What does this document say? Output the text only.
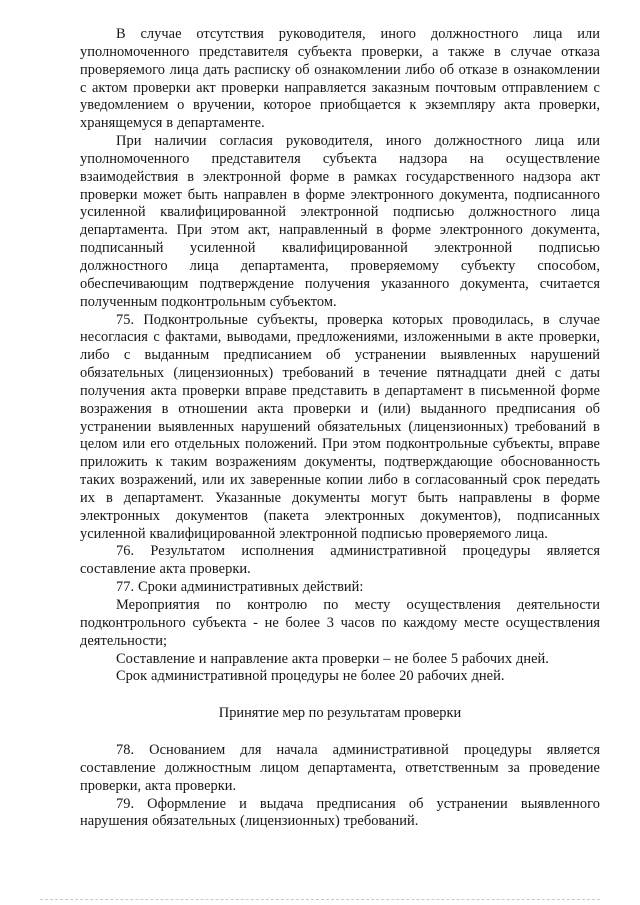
В случае отсутствия руководителя, иного должностного лица или уполномоченного представителя субъекта проверки, а также в случае отказа проверяемого лица дать расписку об ознакомлении либо об отказе в ознакомлении с актом проверки акт проверки направляется заказным почтовым отправлением с уведомлением о вручении, которое приобщается к экземпляру акта проверки, хранящемуся в департаменте.

При наличии согласия руководителя, иного должностного лица или уполномоченного представителя субъекта надзора на осуществление взаимодействия в электронной форме в рамках государственного надзора акт проверки может быть направлен в форме электронного документа, подписанного усиленной квалифицированной электронной подписью должностного лица департамента. При этом акт, направленный в форме электронного документа, подписанный усиленной квалифицированной электронной подписью должностного лица департамента, проверяемому субъекту способом, обеспечивающим подтверждение получения указанного документа, считается полученным подконтрольным субъектом.

75. Подконтрольные субъекты, проверка которых проводилась, в случае несогласия с фактами, выводами, предложениями, изложенными в акте проверки, либо с выданным предписанием об устранении выявленных нарушений обязательных (лицензионных) требований в течение пятнадцати дней с даты получения акта проверки вправе представить в департамент в письменной форме возражения в отношении акта проверки и (или) выданного предписания об устранении выявленных нарушений обязательных (лицензионных) требований в целом или его отдельных положений. При этом подконтрольные субъекты, вправе приложить к таким возражениям документы, подтверждающие обоснованность таких возражений, или их заверенные копии либо в согласованный срок передать их в департамент. Указанные документы могут быть направлены в форме электронных документов (пакета электронных документов), подписанных усиленной квалифицированной электронной подписью проверяемого лица.

76. Результатом исполнения административной процедуры является составление акта проверки.

77. Сроки административных действий:

Мероприятия по контролю по месту осуществления деятельности подконтрольного субъекта - не более 3 часов по каждому месте осуществления деятельности;

Составление и направление акта проверки – не более 5 рабочих дней.

Срок административной процедуры не более 20 рабочих дней.

Принятие мер по результатам проверки

78. Основанием для начала административной процедуры является составление должностным лицом департамента, ответственным за проведение проверки, акта проверки.

79. Оформление и выдача предписания об устранении выявленного нарушения обязательных (лицензионных) требований.
